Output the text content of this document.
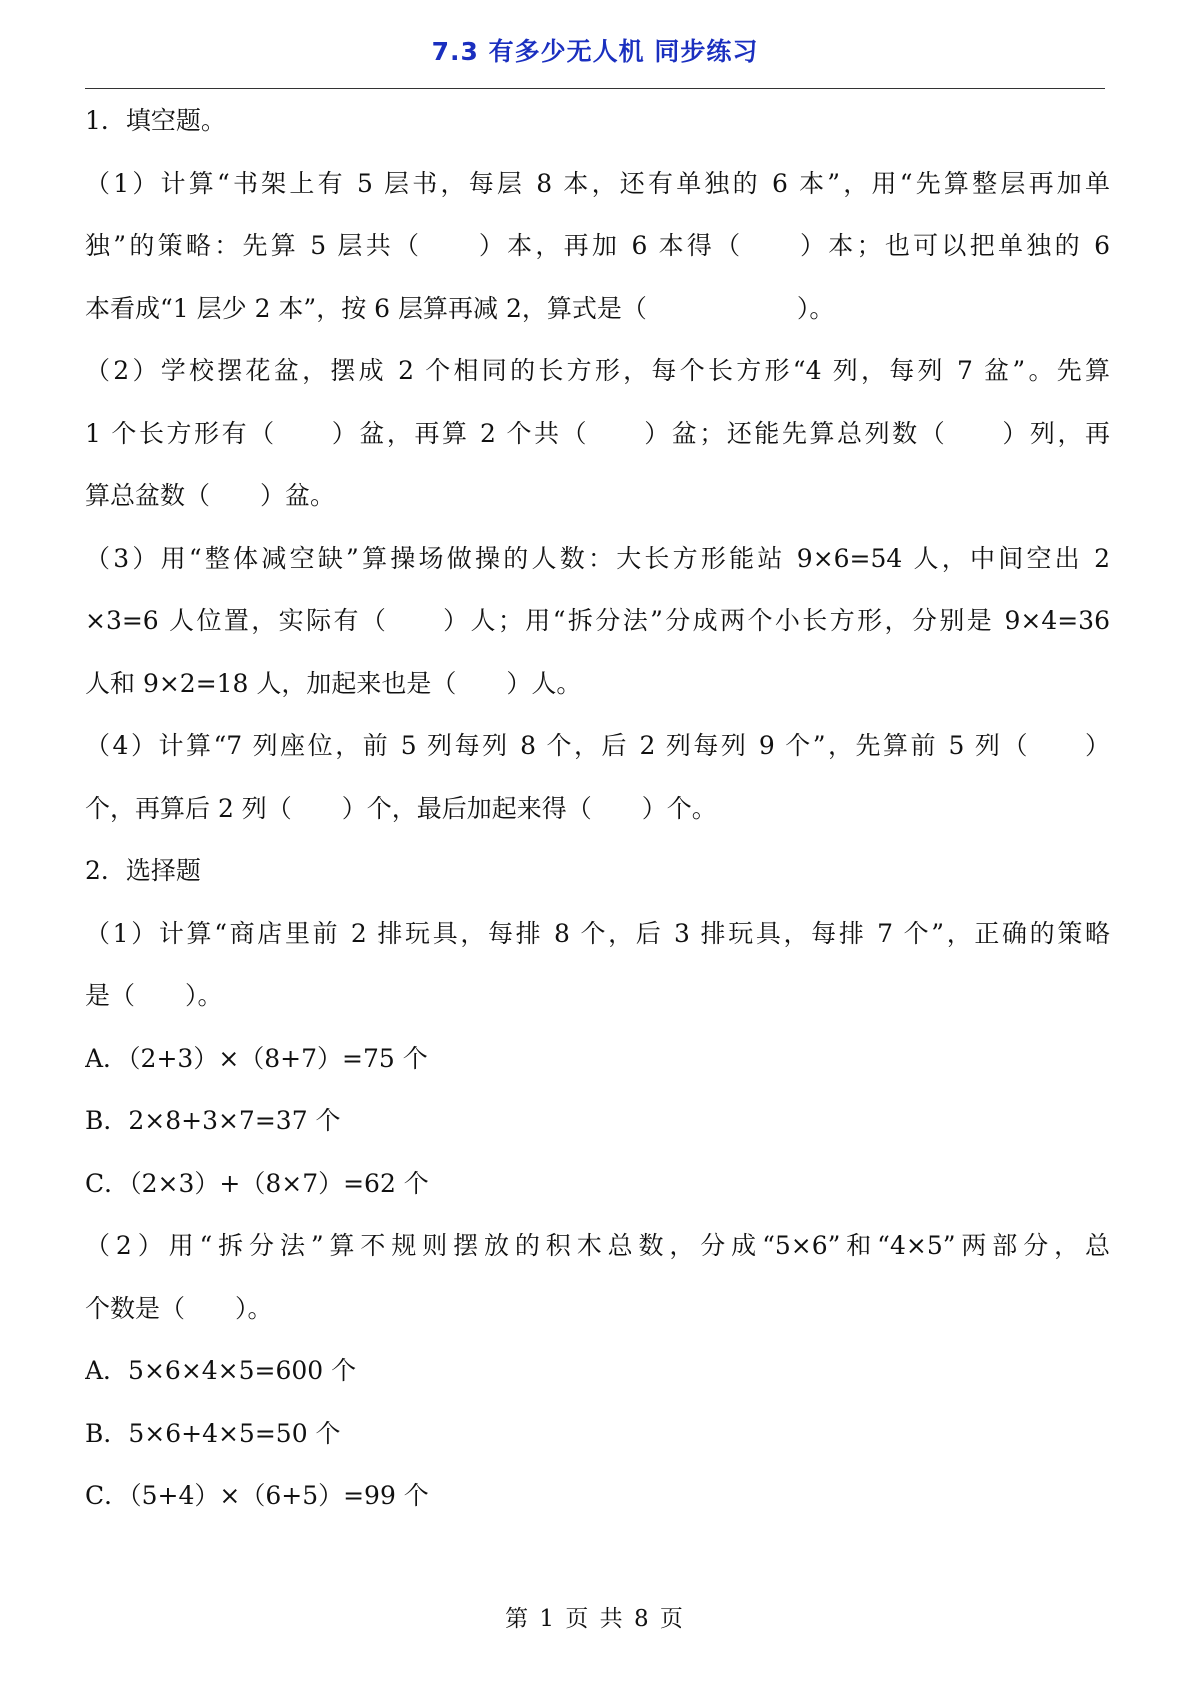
7.3 有多少无人机 同步练习
1．填空题。
（1）计算“书架上有 5 层书，每层 8 本，还有单独的 6 本”，用“先算整层再加单
独”的策略：先算 5 层共（　　）本，再加 6 本得（　　）本；也可以把单独的 6
本看成“1 层少 2 本”，按 6 层算再减 2，算式是（　　　　　　）。
（2）学校摆花盆，摆成 2 个相同的长方形，每个长方形“4 列，每列 7 盆”。先算
1 个长方形有（　　）盆，再算 2 个共（　　）盆；还能先算总列数（　　）列，再
算总盆数（　　）盆。
（3）用“整体减空缺”算操场做操的人数：大长方形能站 9×6=54 人，中间空出 2
×3=6 人位置，实际有（　　）人；用“拆分法”分成两个小长方形，分别是 9×4=36
人和 9×2=18 人，加起来也是（　　）人。
（4）计算“7 列座位，前 5 列每列 8 个，后 2 列每列 9 个”，先算前 5 列（　　）
个，再算后 2 列（　　）个，最后加起来得（　　）个。
2．选择题
（1）计算“商店里前 2 排玩具，每排 8 个，后 3 排玩具，每排 7 个”，正确的策略
是（　　）。
A．（2+3）×（8+7）=75 个
B．2×8+3×7=37 个
C．（2×3）+（8×7）=62 个
（2）用“拆分法”算不规则摆放的积木总数，分成“5×6”和“4×5”两部分，总
个数是（　　）。
A．5×6×4×5=600 个
B．5×6+4×5=50 个
C．（5+4）×（6+5）=99 个
第 1 页 共 8 页
